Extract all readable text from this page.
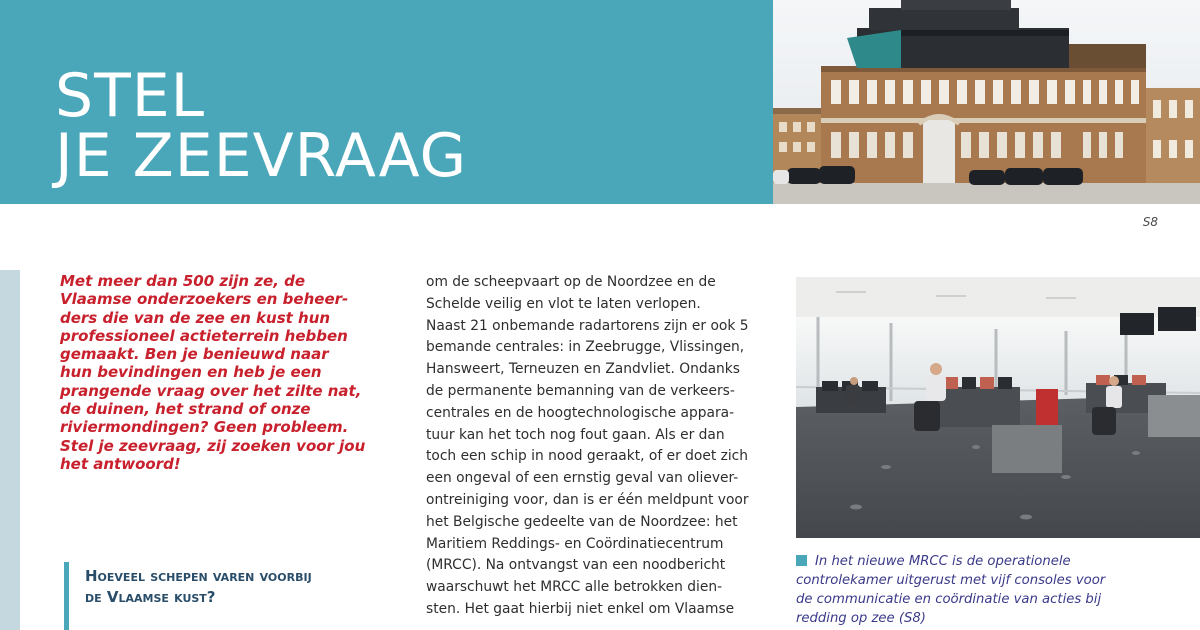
STEL
JE ZEEVRAAG
S8
Met meer dan 500 zijn ze, de
Vlaamse onderzoekers en beheer-
ders die van de zee en kust hun
professioneel actieterrein hebben
gemaakt. Ben je benieuwd naar
hun bevindingen en heb je een
prangende vraag over het zilte nat,
de duinen, het strand of onze
riviermondingen? Geen probleem.
Stel je zeevraag, zij zoeken voor jou
het antwoord!
Hoeveel schepen varen voorbij
de Vlaamse kust?
om de scheepvaart op de Noordzee en de
Schelde veilig en vlot te laten verlopen.
Naast 21 onbemande radartorens zijn er ook 5
bemande centrales: in Zeebrugge, Vlissingen,
Hansweert, Terneuzen en Zandvliet. Ondanks
de permanente bemanning van de verkeers-
centrales en de hoogtechnologische appara-
tuur kan het toch nog fout gaan. Als er dan
toch een schip in nood geraakt, of er doet zich
een ongeval of een ernstig geval van oliever-
ontreiniging voor, dan is er één meldpunt voor
het Belgische gedeelte van de Noordzee: het
Maritiem Reddings- en Coördinatiecentrum
(MRCC). Na ontvangst van een noodbericht
waarschuwt het MRCC alle betrokken dien-
sten. Het gaat hierbij niet enkel om Vlaamse
In het nieuwe MRCC is de operationele
controlekamer uitgerust met vijf consoles voor
de communicatie en coördinatie van acties bij
redding op zee (S8)
